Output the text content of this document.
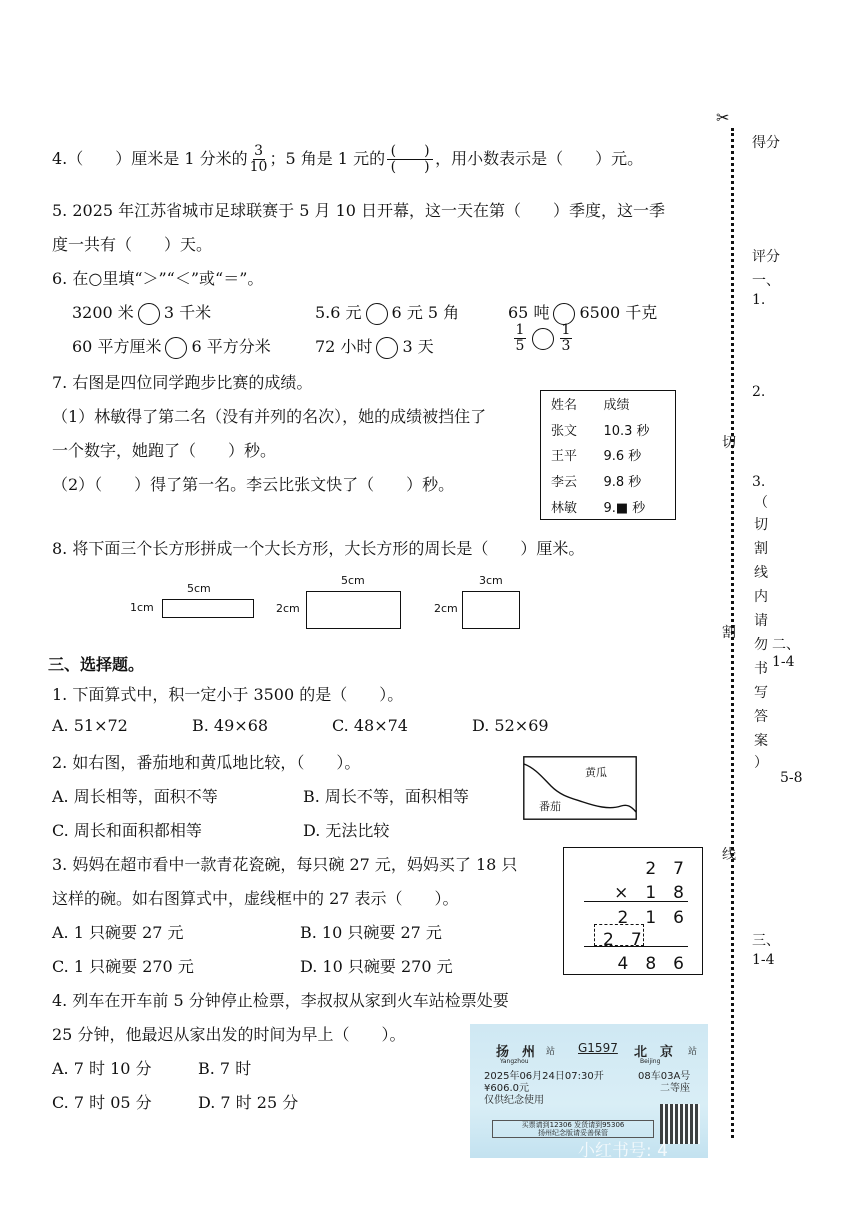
4.（　　）厘米是 1 分米的 $\frac{3}{10}$ ；5 角是 1 元的 $\frac{( )}{( )}$ ，用小数表示是（　　）元。
5. 2025 年江苏省城市足球联赛于 5 月 10 日开幕，这一天在第（　　）季度，这一季
度一共有（　　）天。
6. 在○里填“＞”“＜”或“＝”。
3200 米 3 千米	5.6 元 6 元 5 角	65 吨 6500 千克
60 平方厘米 6 平方分米	72 小时 3 天	$\frac{1}{5} \frac{1}{3}$
7. 右图是四位同学跑步比赛的成绩。
（1）林敏得了第二名（没有并列的名次），她的成绩被挡住了
一个数字，她跑了（　　）秒。
（2）（　　）得了第一名。李云比张文快了（　　）秒。
姓名	成绩
张文	10.3 秒
王平	9.6 秒
李云	9.8 秒
林敏	9.■ 秒
8. 将下面三个长方形拼成一个大长方形，大长方形的周长是（　　）厘米。
5cm
1cm
5cm
2cm
3cm
2cm
三、选择题。
1. 下面算式中，积一定小于 3500 的是（　　）。
A. 51×72	B. 49×68	C. 48×74	D. 52×69
2. 如右图，番茄地和黄瓜地比较，（　　）。
A. 周长相等，面积不等	B. 周长不等，面积相等
C. 周长和面积都相等	D. 无法比较
黄瓜
番茄
3. 妈妈在超市看中一款青花瓷碗，每只碗 27 元，妈妈买了 18 只
这样的碗。如右图算式中，虚线框中的 27 表示（　　）。
A. 1 只碗要 27 元	B. 10 只碗要 27 元
C. 1 只碗要 270 元	D. 10 只碗要 270 元
2　7
×　1　8
2　1　6
2　7
4　8　6
4. 列车在开车前 5 分钟停止检票，李叔叔从家到火车站检票处要
25 分钟，他最迟从家出发的时间为早上（　　）。
A. 7 时 10 分	B. 7 时
C. 7 时 05 分	D. 7 时 25 分
扬　州 站
Yangzhou
G1597 北　京 站
Beijing
2025年06月24日07:30开	08车03A号
¥606.0元	二等座
仅供纪念使用
买票请到12306 发货请到95306
扬州纪念版请妥善保管
小红书号: 4
✂
得分
评分
一、
1.
2.
3.
切
（
切
割
线
内
请
勿
书
写
答
案
）
割
线
二、
1-4
5-8
三、
1-4
